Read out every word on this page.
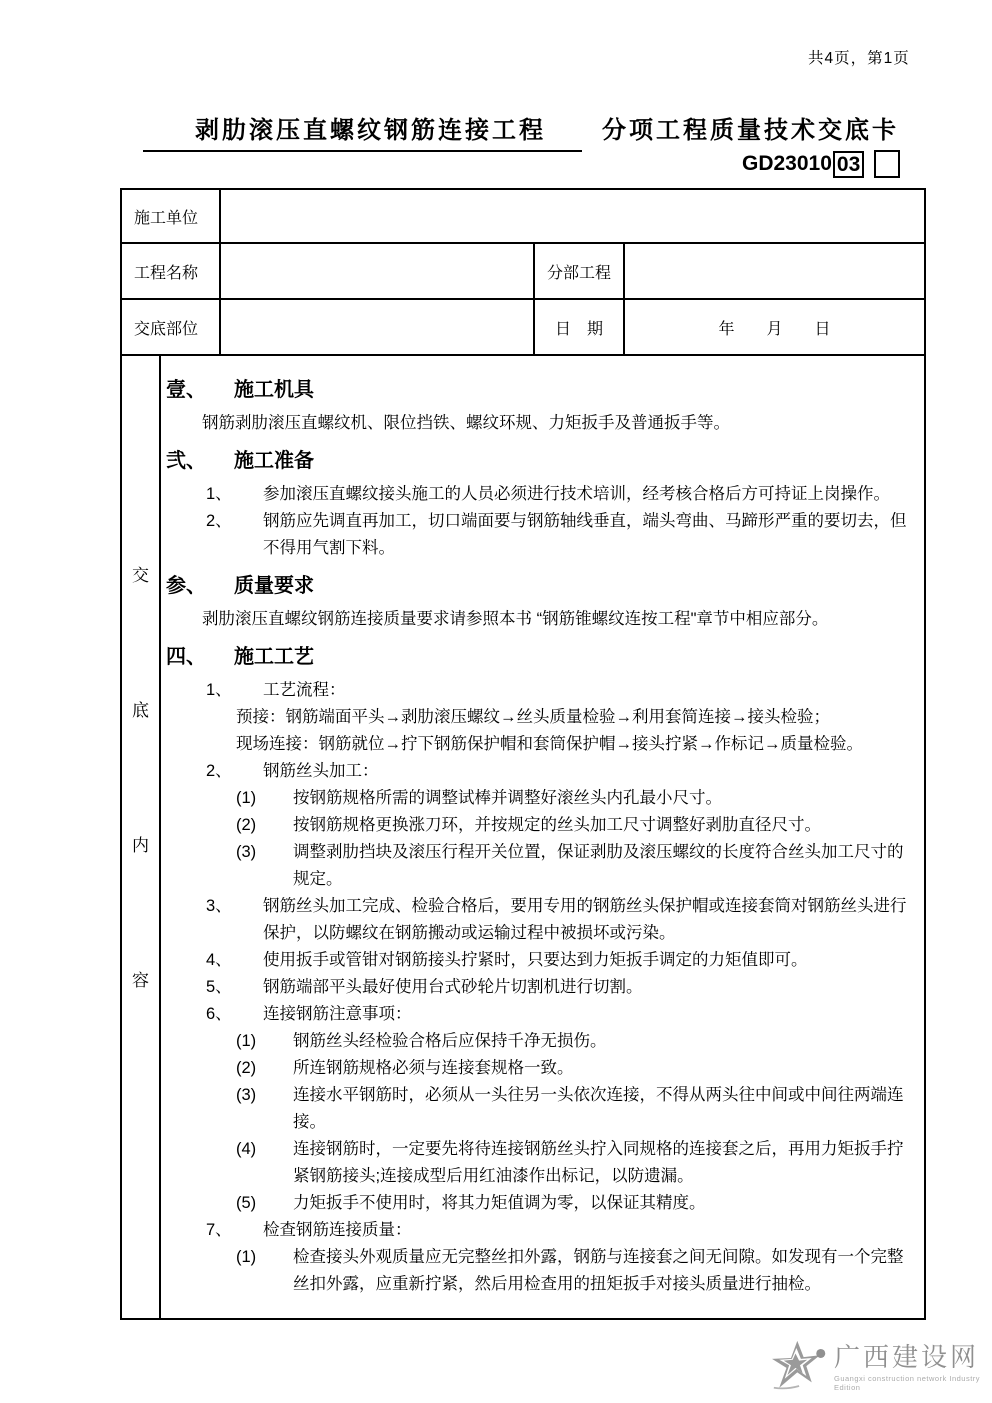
共4页，第1页
剥肋滚压直螺纹钢筋连接工程 分项工程质量技术交底卡
GD23010 03
施工单位
工程名称	分部工程
交底部位	日　期	年　　月　　日
交
底
内
容
壹、	施工机具
钢筋剥肋滚压直螺纹机、限位挡铁、螺纹环规、力矩扳手及普通扳手等。
弐、	施工准备
1、	参加滚压直螺纹接头施工的人员必须进行技术培训，经考核合格后方可持证上岗操作。
2、	钢筋应先调直再加工，切口端面要与钢筋轴线垂直，端头弯曲、马蹄形严重的要切去，但不得用气割下料。
参、	质量要求
剥肋滚压直螺纹钢筋连接质量要求请参照本书 “钢筋锥螺纹连按工程"章节中相应部分。
四、	施工工艺
1、	工艺流程：
预接：钢筋端面平头→剥肋滚压螺纹→丝头质量检验→利用套简连接→接头检验；
现场连接：钢筋就位→拧下钢筋保护帽和套筒保护帽→接头拧紧→作标记→质量检验。
2、	钢筋丝头加工：
(1)	按钢筋规格所需的调整试棒并调整好滚丝头内孔最小尺寸。
(2)	按钢筋规格更换涨刀环，并按规定的丝头加工尺寸调整好剥肋直径尺寸。
(3)	调整剥肋挡块及滚压行程开关位置，保证剥肋及滚压螺纹的长度符合丝头加工尺寸的规定。
3、	钢筋丝头加工完成、检验合格后，要用专用的钢筋丝头保护帽或连接套筒对钢筋丝头进行保护，以防螺纹在钢筋搬动或运输过程中被损坏或污染。
4、	使用扳手或管钳对钢筋接头拧紧时，只要达到力矩扳手调定的力矩值即可。
5、	钢筋端部平头最好使用台式砂轮片切割机进行切割。
6、	连接钢筋注意事项：
(1)	钢筋丝头经检验合格后应保持千净无损伤。
(2)	所连钢筋规格必须与连接套规格一致。
(3)	连接水平钢筋时，必须从一头往另一头依次连接，不得从两头往中间或中间往两端连接。
(4)	连接钢筋时，一定要先将待连接钢筋丝头拧入同规格的连接套之后，再用力矩扳手拧紧钢筋接头;连接成型后用红油漆作出标记，以防遗漏。
(5)	力矩扳手不使用时，将其力矩值调为零，以保证其精度。
7、	检查钢筋连接质量：
(1)	检查接头外观质量应无完整丝扣外露，钢筋与连接套之间无间隙。如发现有一个完整丝扣外露，应重新拧紧，然后用检查用的扭矩扳手对接头质量进行抽检。
广西建设网
Guangxi construction network Industry Edition
